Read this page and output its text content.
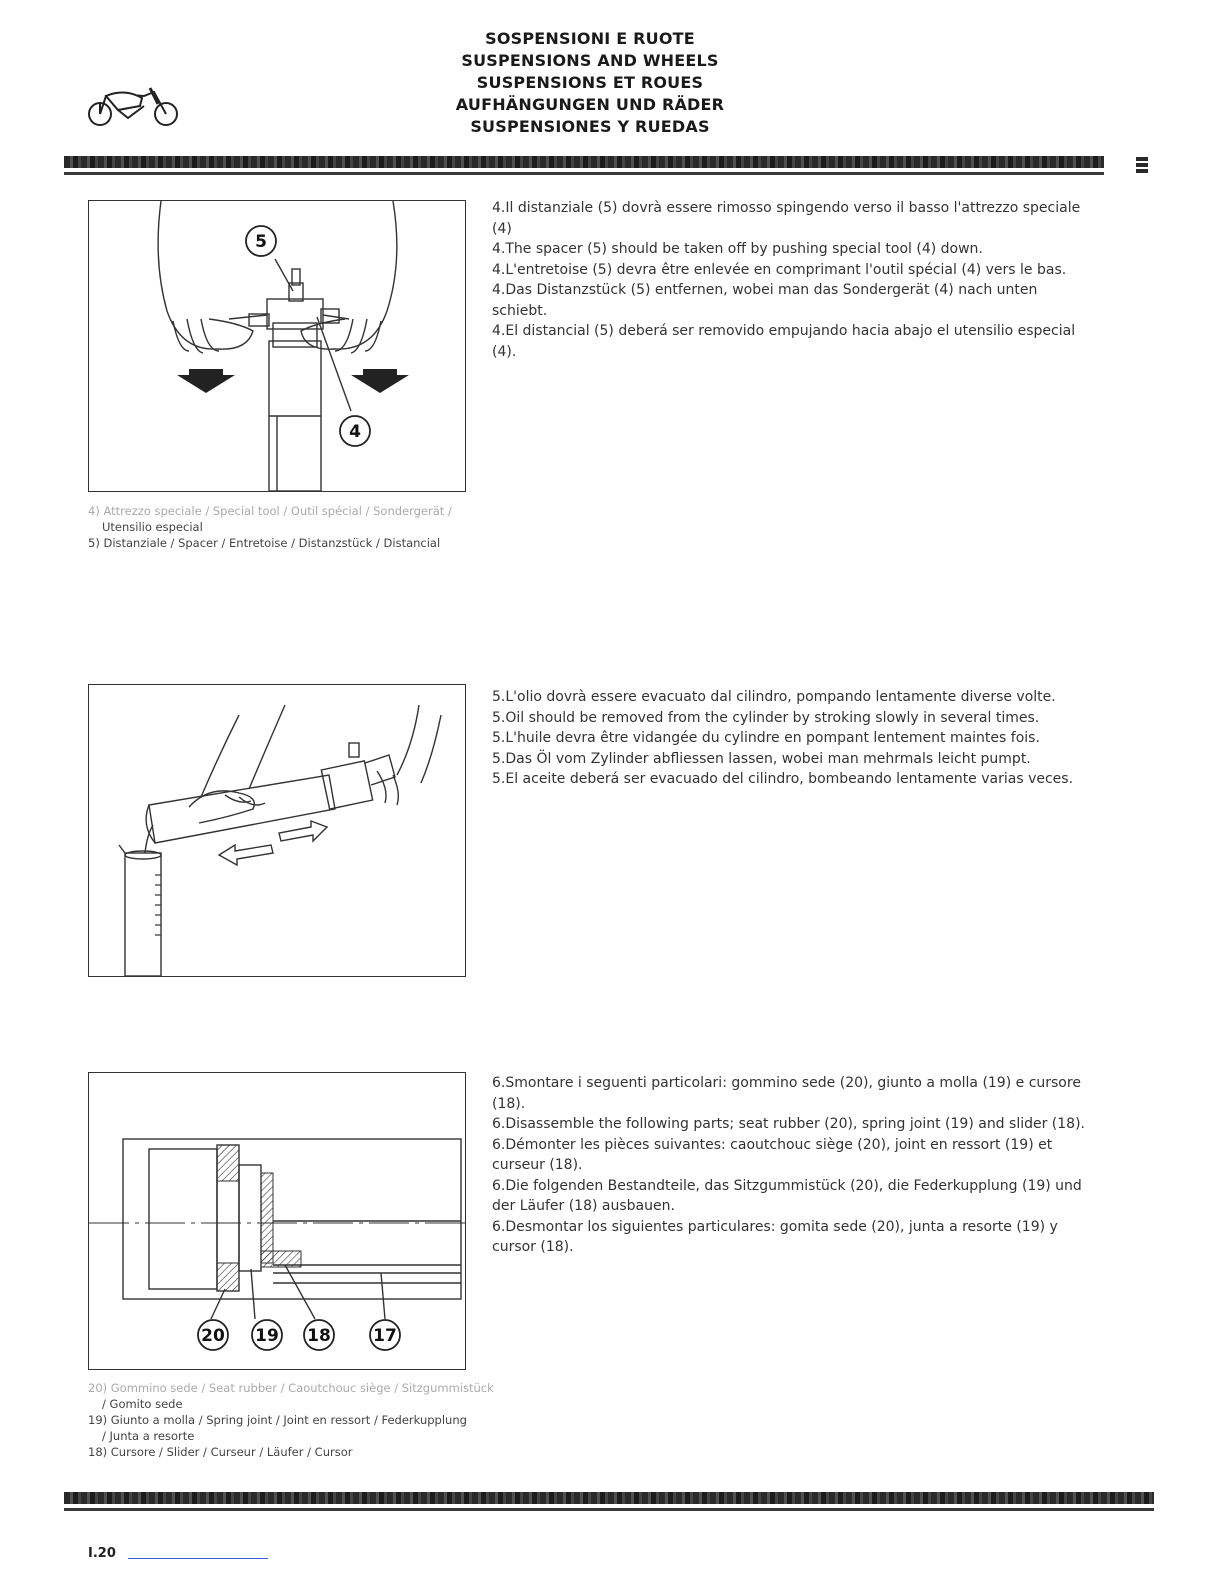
SOSPENSIONI E RUOTE
SUSPENSIONS AND WHEELS
SUSPENSIONS ET ROUES
AUFHÄNGUNGEN UND RÄDER
SUSPENSIONES Y RUEDAS
5
4
4) Attrezzo speciale / Special tool / Outil spécial / Sondergerät /
Utensilio especial
5) Distanziale / Spacer / Entretoise / Distanzstück / Distancial

4.Il distanziale (5) dovrà essere rimosso spingendo verso il basso l'attrezzo speciale (4)

4.The spacer (5) should be taken off by pushing special tool (4) down.

4.L'entretoise (5) devra être enlevée en comprimant l'outil spécial (4) vers le bas.

4.Das Distanzstück (5) entfernen, wobei man das Sondergerät (4) nach unten schiebt.

4.El distancial (5) deberá ser removido empujando hacia abajo el utensilio especial (4).

5.L'olio dovrà essere evacuato dal cilindro, pompando lentamente diverse volte.

5.Oil should be removed from the cylinder by stroking slowly in several times.

5.L'huile devra être vidangée du cylindre en pompant lentement maintes fois.

5.Das Öl vom Zylinder abfliessen lassen, wobei man mehrmals leicht pumpt.

5.El aceite deberá ser evacuado del cilindro, bombeando lentamente varias veces.

20 19 18 17
20) Gommino sede / Seat rubber / Caoutchouc siège / Sitzgummistück
/ Gomito sede
19) Giunto a molla / Spring joint / Joint en ressort / Federkupplung
/ Junta a resorte
18) Cursore / Slider / Curseur / Läufer / Cursor

6.Smontare i seguenti particolari: gommino sede (20), giunto a molla (19) e cursore (18).

6.Disassemble the following parts; seat rubber (20), spring joint (19) and slider (18).

6.Démonter les pièces suivantes: caoutchouc siège (20), joint en ressort (19) et curseur (18).

6.Die folgenden Bestandteile, das Sitzgummistück (20), die Federkupplung (19) und der Läufer (18) ausbauen.

6.Desmontar los siguientes particulares: gomita sede (20), junta a resorte (19) y cursor (18).

I.20
